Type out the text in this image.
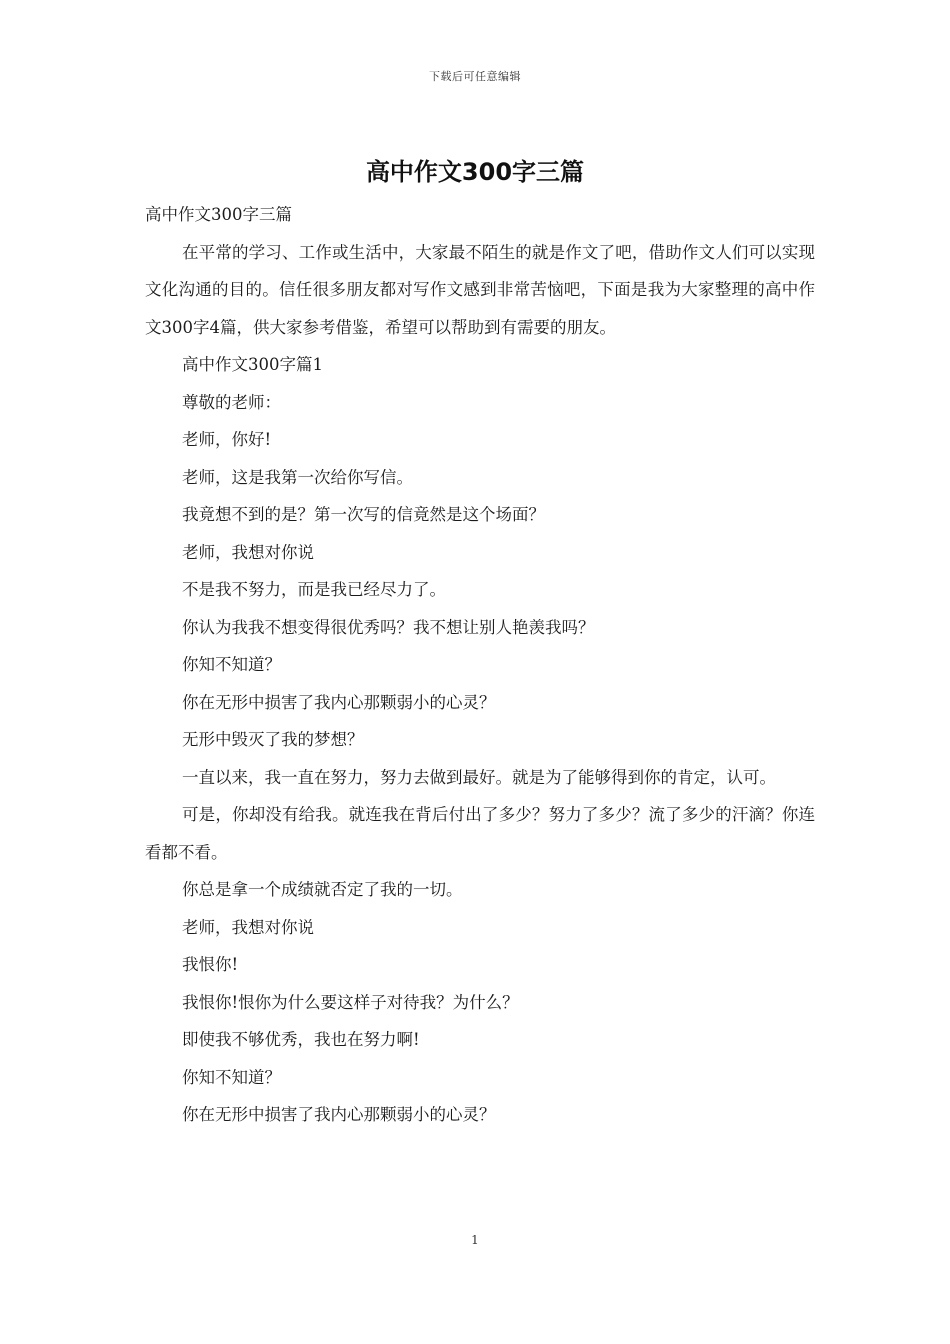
下载后可任意编辑
高中作文300字三篇

高中作文300字三篇

在平常的学习、工作或生活中，大家最不陌生的就是作文了吧，借助作文人们可以实现文化沟通的目的。信任很多朋友都对写作文感到非常苦恼吧，下面是我为大家整理的高中作文300字4篇，供大家参考借鉴，希望可以帮助到有需要的朋友。

高中作文300字篇1

尊敬的老师：

老师，你好!

老师，这是我第一次给你写信。

我竟想不到的是？第一次写的信竟然是这个场面？

老师，我想对你说

不是我不努力，而是我已经尽力了。

你认为我我不想变得很优秀吗？我不想让别人艳羡我吗？

你知不知道？

你在无形中损害了我内心那颗弱小的心灵？

无形中毁灭了我的梦想？

一直以来，我一直在努力，努力去做到最好。就是为了能够得到你的肯定，认可。

可是，你却没有给我。就连我在背后付出了多少？努力了多少？流了多少的汗滴？你连看都不看。

你总是拿一个成绩就否定了我的一切。

老师，我想对你说

我恨你!

我恨你!恨你为什么要这样子对待我？为什么？

即使我不够优秀，我也在努力啊!

你知不知道？

你在无形中损害了我内心那颗弱小的心灵？

1
